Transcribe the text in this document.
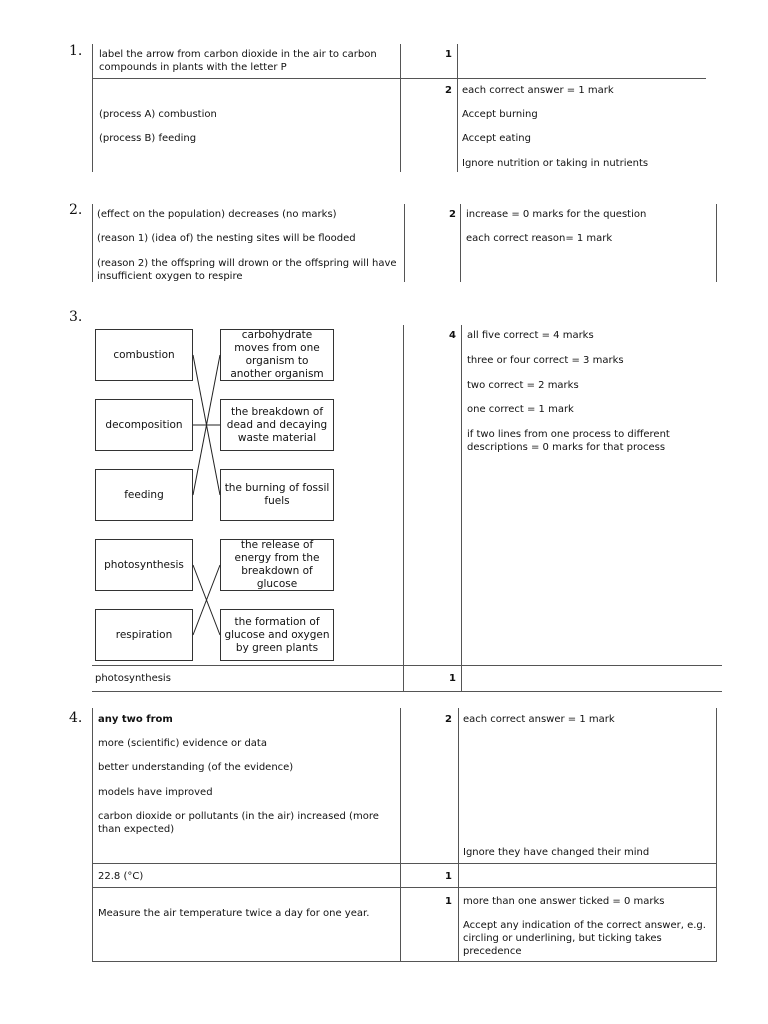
1. label the arrow from carbon dioxide in the air to carbon
compounds in plants with the letter P
1
2 each correct answer = 1 mark
(process A) combustion
(process B) feeding
Accept burning
Accept eating
Ignore nutrition or taking in nutrients
2. (effect on the population) decreases (no marks)
(reason 1) (idea of) the nesting sites will be flooded
(reason 2) the offspring will drown or the offspring will have
insufficient oxygen to respire
2 increase = 0 marks for the question
each correct reason= 1 mark
3.
combustion
decomposition
feeding
photosynthesis
respiration
carbohydrate moves from one organism to another organism
the breakdown of dead and decaying waste material
the burning of fossil fuels
the release of energy from the breakdown of glucose
the formation of glucose and oxygen by green plants
4 all five correct = 4 marks
three or four correct = 3 marks
two correct = 2 marks
one correct = 1 mark
if two lines from one process to different descriptions = 0 marks for that process
photosynthesis	1
4. any two from
more (scientific) evidence or data
better understanding (of the evidence)
models have improved
carbon dioxide or pollutants (in the air) increased (more than expected)
2 each correct answer = 1 mark
Ignore they have changed their mind
22.8 (°C)	1
Measure the air temperature twice a day for one year.
1 more than one answer ticked = 0 marks
Accept any indication of the correct answer, e.g. circling or underlining, but ticking takes precedence
